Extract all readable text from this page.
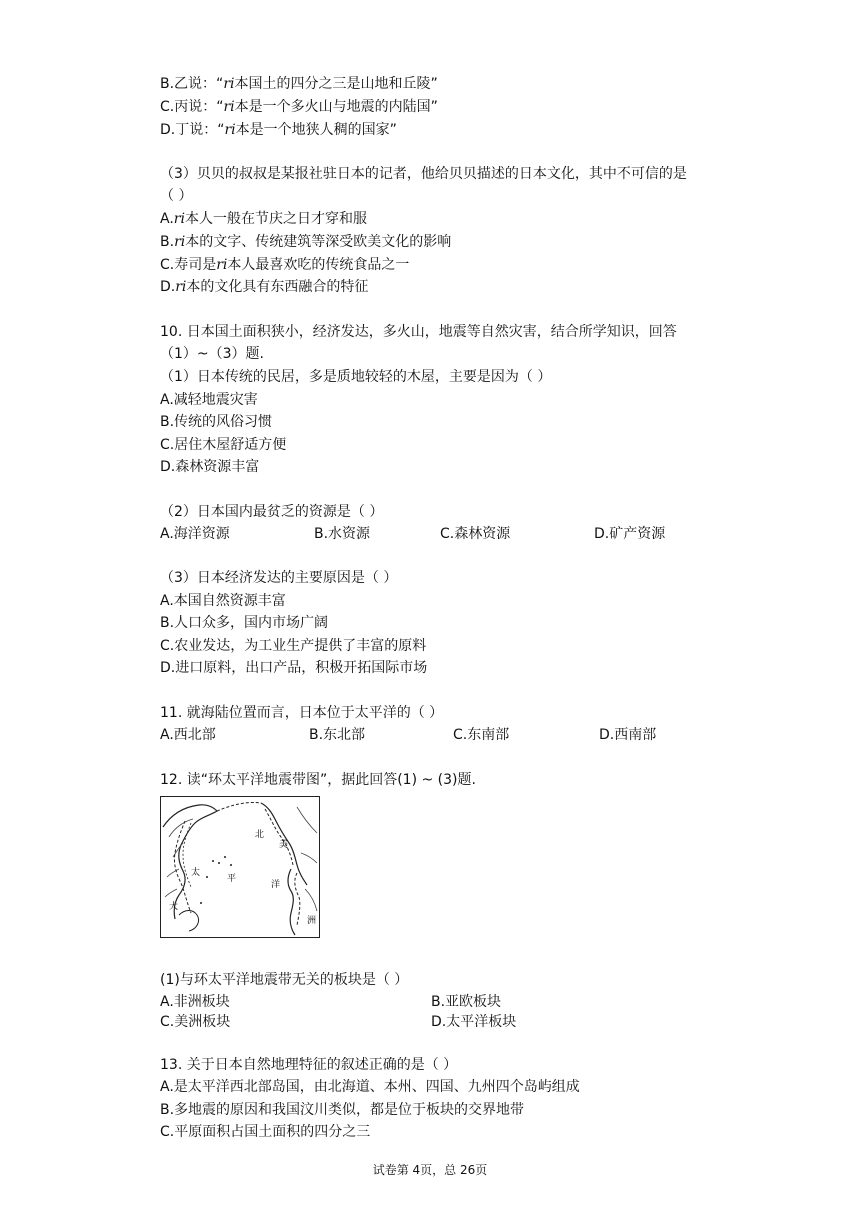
B.乙说：“ri本国土的四分之三是山地和丘陵”
C.丙说：“ri本是一个多火山与地震的内陆国”
D.丁说：“ri本是一个地狭人稠的国家”
（3）贝贝的叔叔是某报社驻日本的记者，他给贝贝描述的日本文化，其中不可信的是
（ ）
A.ri本人一般在节庆之日才穿和服
B.ri本的文字、传统建筑等深受欧美文化的影响
C.寿司是ri本人最喜欢吃的传统食品之一
D.ri本的文化具有东西融合的特征
10. 日本国土面积狭小，经济发达，多火山，地震等自然灾害，结合所学知识，回答
（1）~（3）题.
（1）日本传统的民居，多是质地较轻的木屋，主要是因为（ ）
A.减轻地震灾害
B.传统的风俗习惯
C.居住木屋舒适方便
D.森林资源丰富
（2）日本国内最贫乏的资源是（ ）
A.海洋资源	B.水资源	C.森林资源	D.矿产资源
（3）日本经济发达的主要原因是（ ）
A.本国自然资源丰富
B.人口众多，国内市场广阔
C.农业发达，为工业生产提供了丰富的原料
D.进口原料，出口产品，积极开拓国际市场
11. 就海陆位置而言，日本位于太平洋的（ ）
A.西北部	B.东北部	C.东南部	D.西南部
12. 读“环太平洋地震带图”，据此回答(1) ~ (3)题.
北
美
太
平
洋
大
洲
(1)与环太平洋地震带无关的板块是（ ）
A.非洲板块	B.亚欧板块
C.美洲板块	D.太平洋板块
13. 关于日本自然地理特征的叙述正确的是（ ）
A.是太平洋西北部岛国，由北海道、本州、四国、九州四个岛屿组成
B.多地震的原因和我国汶川类似，都是位于板块的交界地带
C.平原面积占国土面积的四分之三
试卷第 4页，总 26页
